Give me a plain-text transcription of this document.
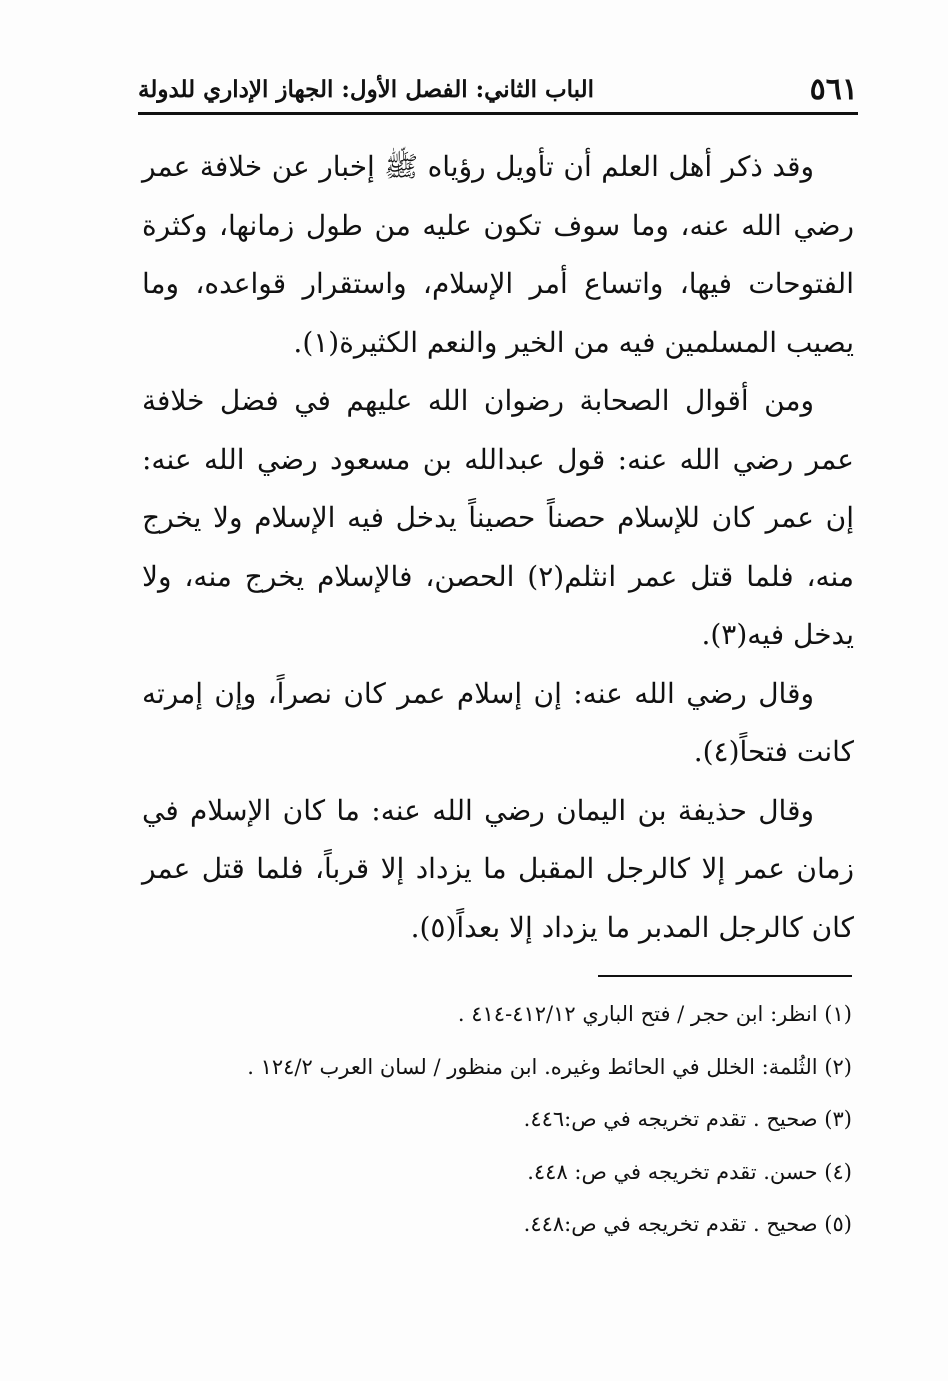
٥٦١
الباب الثاني: الفصل الأول: الجهاز الإداري للدولة

وقد ذكر أهل العلم أن تأويل رؤياه ﷺ إخبار عن خلافة عمر رضي الله عنه، وما سوف تكون عليه من طول زمانها، وكثرة الفتوحات فيها، واتساع أمر الإسلام، واستقرار قواعده، وما يصيب المسلمين فيه من الخير والنعم الكثيرة(١).

ومن أقوال الصحابة رضوان الله عليهم في فضل خلافة عمر رضي الله عنه: قول عبدالله بن مسعود رضي الله عنه: إن عمر كان للإسلام حصناً حصيناً يدخل فيه الإسلام ولا يخرج منه، فلما قتل عمر انثلم(٢) الحصن، فالإسلام يخرج منه، ولا يدخل فيه(٣).

وقال رضي الله عنه: إن إسلام عمر كان نصراً، وإن إمرته كانت فتحاً(٤).

وقال حذيفة بن اليمان رضي الله عنه: ما كان الإسلام في زمان عمر إلا كالرجل المقبل ما يزداد إلا قرباً، فلما قتل عمر كان كالرجل المدبر ما يزداد إلا بعداً(٥).

(١) انظر: ابن حجر / فتح الباري ٤١٢/١٢-٤١٤ .
(٢) الثُلمة: الخلل في الحائط وغيره. ابن منظور / لسان العرب ١٢٤/٢ .
(٣) صحيح . تقدم تخريجه في ص:٤٤٦.
(٤) حسن. تقدم تخريجه في ص: ٤٤٨.
(٥) صحيح . تقدم تخريجه في ص:٤٤٨.
